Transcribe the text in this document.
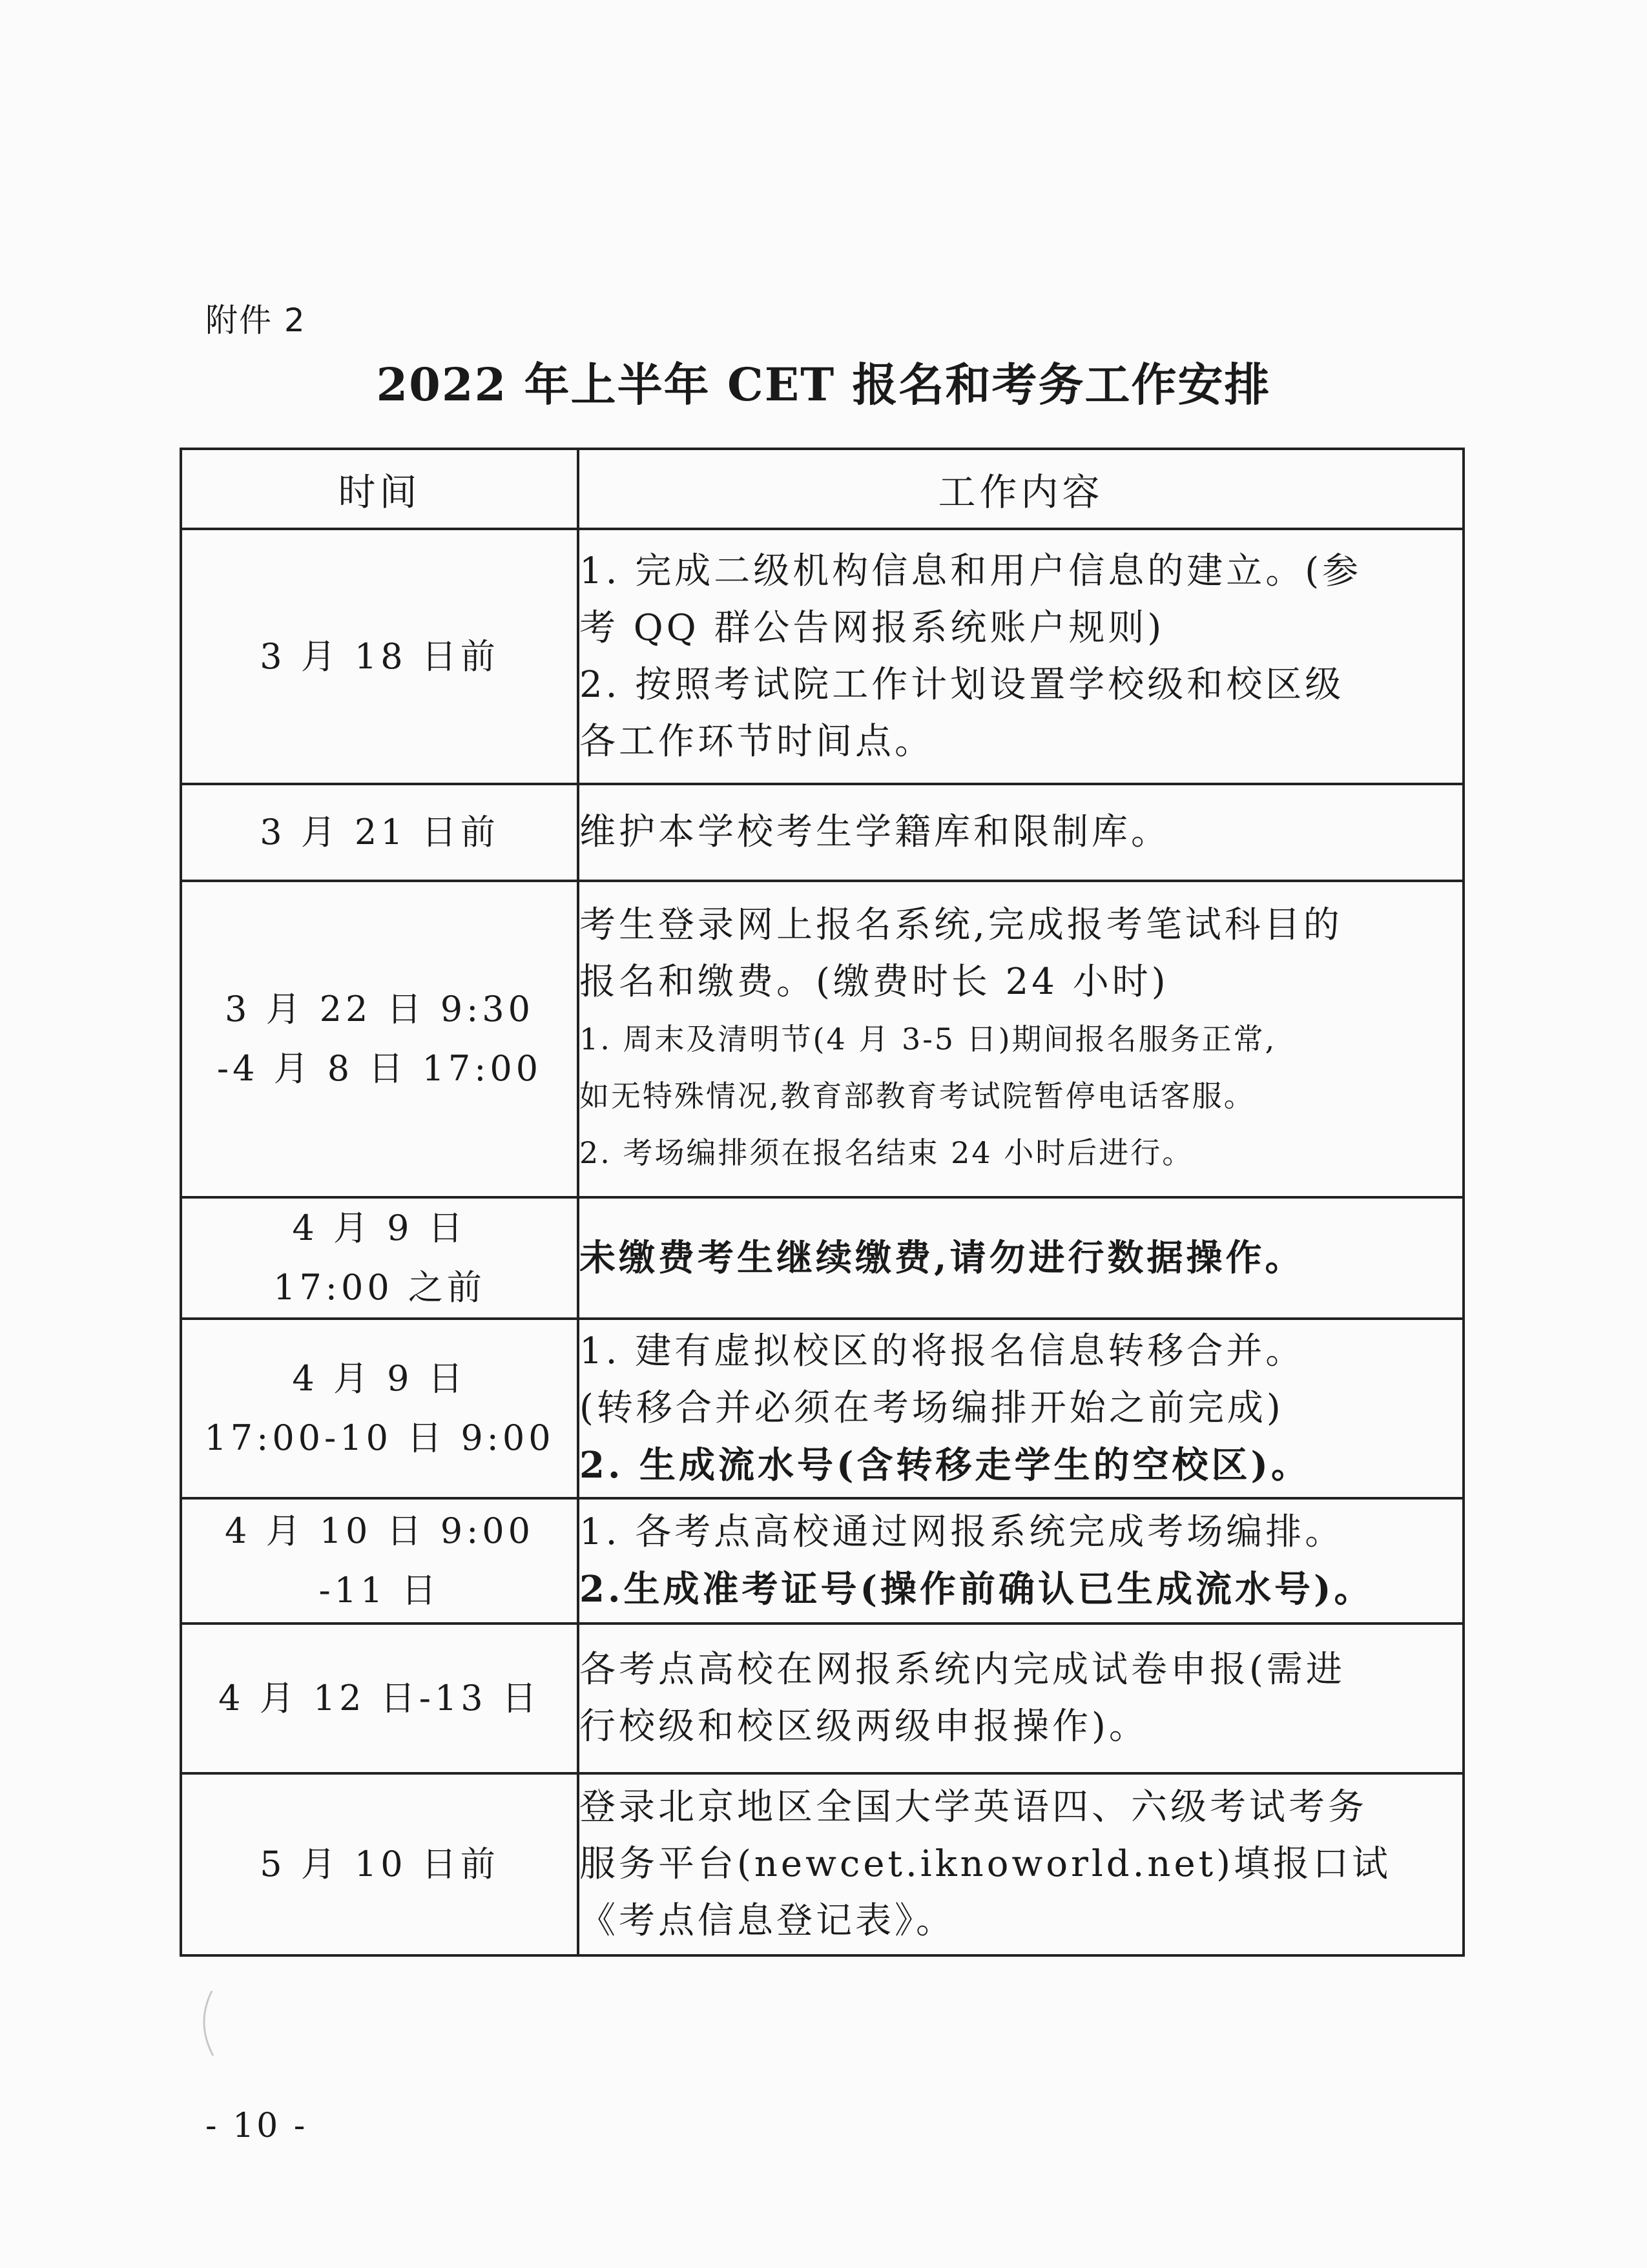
附件 2
2022 年上半年 CET 报名和考务工作安排
时间	工作内容

3 月 18 日前	1. 完成二级机构信息和用户信息的建立。(参
考 QQ 群公告网报系统账户规则)
2. 按照考试院工作计划设置学校级和校区级
各工作环节时间点。

3 月 21 日前	维护本学校考生学籍库和限制库。

3 月 22 日 9:30
-4 月 8 日 17:00	考生登录网上报名系统,完成报考笔试科目的
报名和缴费。(缴费时长 24 小时)
1. 周末及清明节(4 月 3-5 日)期间报名服务正常,
如无特殊情况,教育部教育考试院暂停电话客服。
2. 考场编排须在报名结束 24 小时后进行。

4 月 9 日
17:00 之前	未缴费考生继续缴费,请勿进行数据操作。

4 月 9 日
17:00-10 日 9:00	1. 建有虚拟校区的将报名信息转移合并。
(转移合并必须在考场编排开始之前完成)
2. 生成流水号(含转移走学生的空校区)。

4 月 10 日 9:00
-11 日	1. 各考点高校通过网报系统完成考场编排。
2.生成准考证号(操作前确认已生成流水号)。

4 月 12 日-13 日	各考点高校在网报系统内完成试卷申报(需进
行校级和校区级两级申报操作)。

5 月 10 日前	登录北京地区全国大学英语四、六级考试考务
服务平台(newcet.iknoworld.net)填报口试
《考点信息登记表》。
- 10 -
